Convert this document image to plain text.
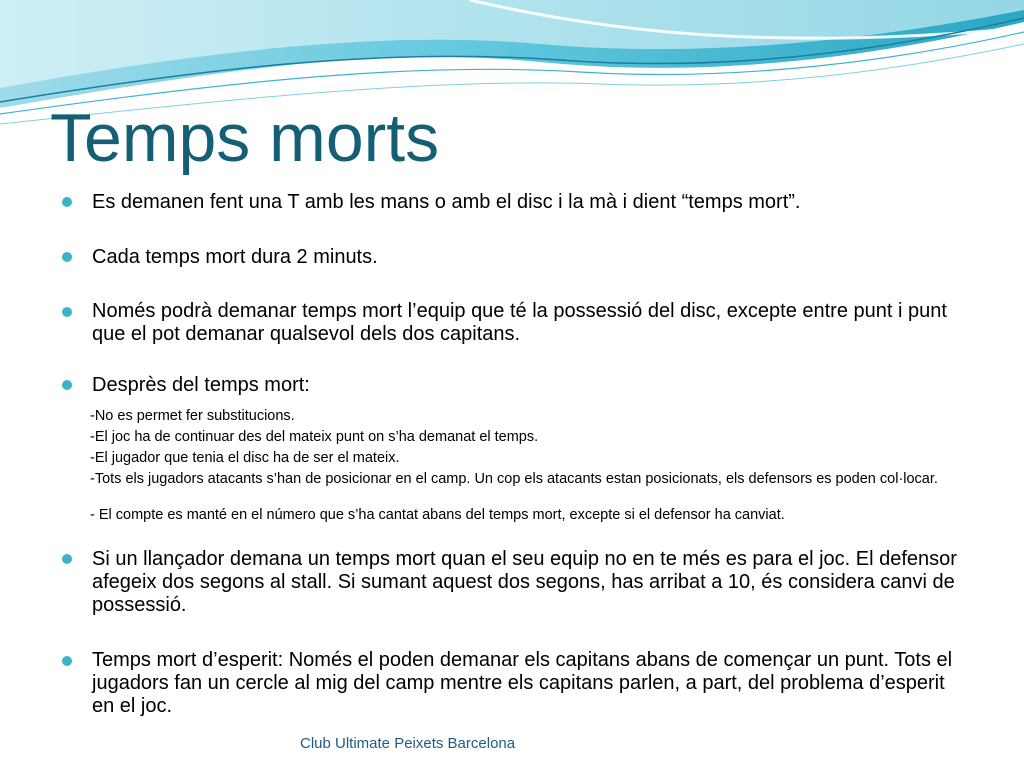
Temps morts
Es demanen fent una T amb les mans o amb el disc i la mà i dient “temps mort”.
Cada temps mort dura 2 minuts.
Només podrà demanar temps mort l’equip que té la possessió del disc, excepte entre punt i punt que el pot demanar qualsevol dels dos capitans.
Desprès del temps mort:
-No es permet fer substitucions.
-El joc ha de continuar des del mateix punt on s’ha demanat el temps.
-El jugador que tenia el disc ha de ser el mateix.
-Tots els jugadors atacants s’han de posicionar en el camp. Un cop els atacants estan posicionats, els defensors es poden col·locar.
- El compte es manté en el número que s’ha cantat abans del temps mort, excepte si el defensor ha canviat.
Si un llançador demana un temps mort quan el seu equip no en te més es para el joc. El defensor afegeix dos segons al stall. Si sumant aquest dos segons, has arribat a 10, és considera canvi de possessió.
Temps mort d’esperit: Només el poden demanar els capitans abans de començar un punt. Tots el jugadors fan un cercle al mig del camp mentre els capitans parlen, a part, del problema d’esperit en el joc.
Club Ultimate Peixets Barcelona
